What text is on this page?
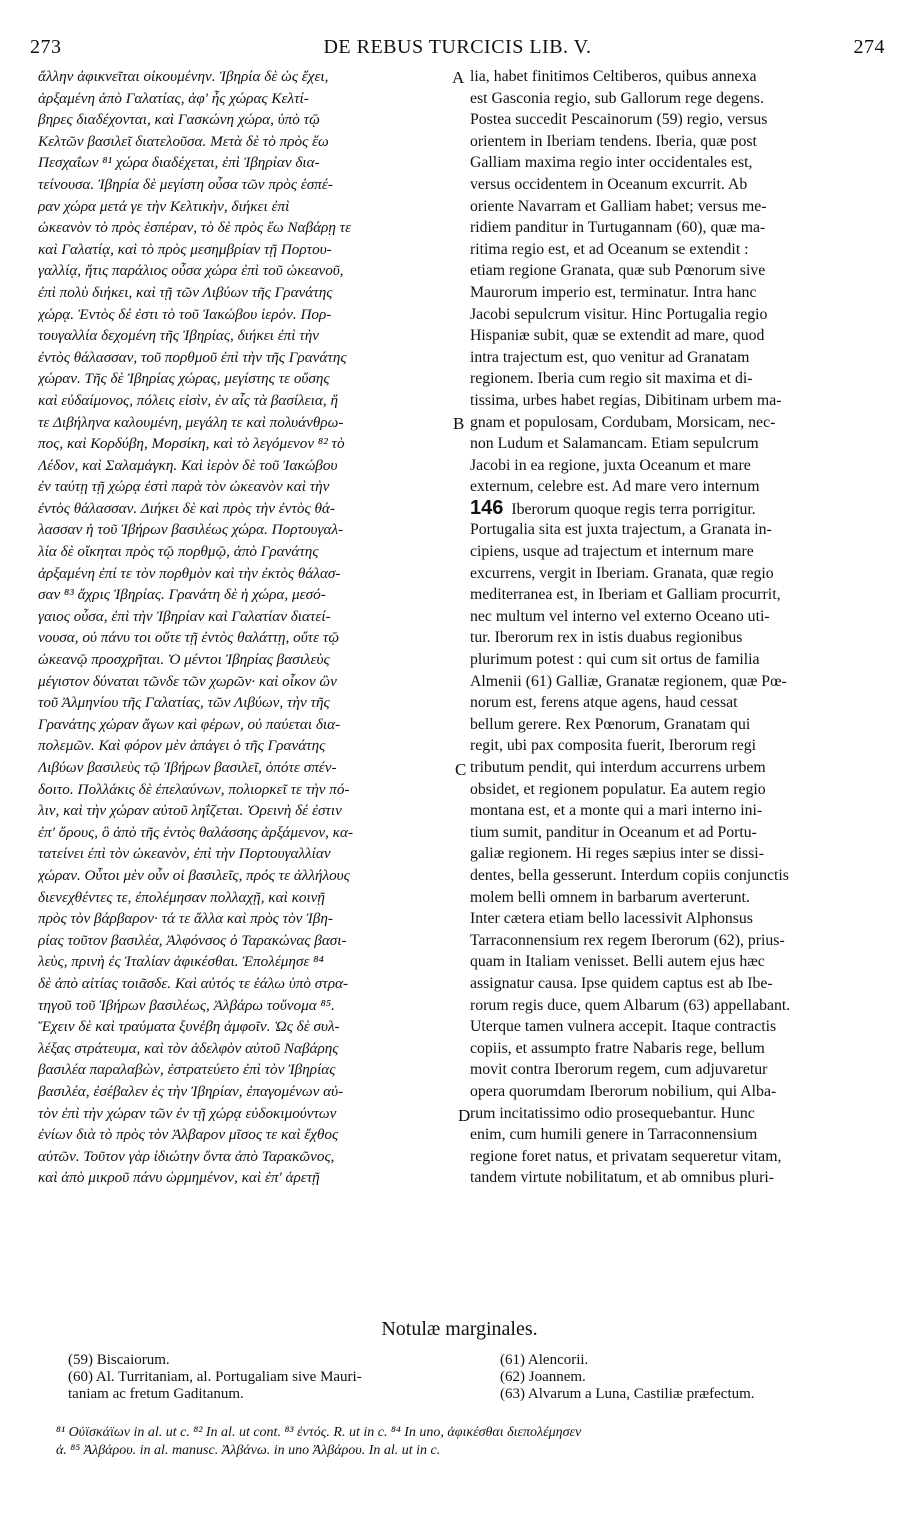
273	DE REBUS TURCICIS LIB. V.	274
ἄλλην ἀφικνεῖται οἰκουμένην. Ἰβηρία δὲ ὡς ἔχει,
ἀρξαμένη ἀπὸ Γαλατίας, ἀφ' ἧς χώρας Κελτί-
βηρες διαδέχονται, καὶ Γασκώνη χώρα, ὑπὸ τῷ
Κελτῶν βασιλεῖ διατελοῦσα. Μετὰ δὲ τὸ πρὸς ἕω
Πεσχαΐων ⁸¹ χώρα διαδέχεται, ἐπὶ Ἰβηρίαν δια-
τείνουσα. Ἰβηρία δὲ μεγίστη οὖσα τῶν πρὸς ἑσπέ-
ραν χώρα μετά γε τὴν Κελτικὴν, διήκει ἐπὶ
ὠκεανὸν τὸ πρὸς ἑσπέραν, τὸ δὲ πρὸς ἕω Ναβάρῃ τε
καὶ Γαλατίᾳ, καὶ τὸ πρὸς μεσημβρίαν τῇ Πορτου-
γαλλίᾳ, ἥτις παράλιος οὖσα χώρα ἐπὶ τοῦ ὠκεανοῦ,
ἐπὶ πολὺ διήκει, καὶ τῇ τῶν Λιβύων τῆς Γρανάτης
χώρᾳ. Ἐντὸς δέ ἐστι τὸ τοῦ Ἰακώβου ἱερόν. Πορ-
τουγαλλία δεχομένη τῆς Ἰβηρίας, διήκει ἐπὶ τὴν
ἐντὸς θάλασσαν, τοῦ πορθμοῦ ἐπὶ τὴν τῆς Γρανάτης
χώραν. Τῆς δὲ Ἰβηρίας χώρας, μεγίστης τε οὔσης
καὶ εὐδαίμονος, πόλεις εἰσὶν, ἐν αἷς τὰ βασίλεια, ἥ
τε Διβήληνα καλουμένη, μεγάλη τε καὶ πολυάνθρω-
πος, καὶ Κορδύβη, Μορσίκη, καὶ τὸ λεγόμενον ⁸² τὸ
Λέδον, καὶ Σαλαμάγκη. Καὶ ἱερὸν δὲ τοῦ Ἰακώβου
ἐν ταύτῃ τῇ χώρᾳ ἐστὶ παρὰ τὸν ὠκεανὸν καὶ τὴν
ἐντὸς θάλασσαν. Διήκει δὲ καὶ πρὸς τὴν ἐντὸς θά-
λασσαν ἡ τοῦ Ἰβήρων βασιλέως χώρα. Πορτουγαλ-
λία δὲ οἴκηται πρὸς τῷ πορθμῷ, ἀπὸ Γρανάτης
ἀρξαμένη ἐπί τε τὸν πορθμὸν καὶ τὴν ἐκτὸς θάλασ-
σαν ⁸³ ἄχρις Ἰβηρίας. Γρανάτη δὲ ἡ χώρα, μεσό-
γαιος οὖσα, ἐπὶ τὴν Ἰβηρίαν καὶ Γαλατίαν διατεί-
νουσα, οὐ πάνυ τοι οὔτε τῇ ἐντὸς θαλάττῃ, οὔτε τῷ
ὠκεανῷ προσχρῆται. Ὁ μέντοι Ἰβηρίας βασιλεὺς
μέγιστον δύναται τῶνδε τῶν χωρῶν· καὶ οἶκον ὢν
τοῦ Ἀλμηνίου τῆς Γαλατίας, τῶν Λιβύων, τὴν τῆς
Γρανάτης χώραν ἄγων καὶ φέρων, οὐ παύεται δια-
πολεμῶν. Καὶ φόρον μὲν ἀπάγει ὁ τῆς Γρανάτης
Λιβύων βασιλεὺς τῷ Ἰβήρων βασιλεῖ, ὁπότε σπέν-
δοιτο. Πολλάκις δὲ ἐπελαύνων, πολιορκεῖ τε τὴν πό-
λιν, καὶ τὴν χώραν αὐτοῦ ληΐζεται. Ὀρεινὴ δέ ἐστιν
ἐπ' ὄρους, ὃ ἀπὸ τῆς ἐντὸς θαλάσσης ἀρξάμενον, κα-
τατείνει ἐπὶ τὸν ὠκεανὸν, ἐπὶ τὴν Πορτουγαλλίαν
χώραν. Οὗτοι μὲν οὖν οἱ βασιλεῖς, πρός τε ἀλλήλους
διενεχθέντες τε, ἐπολέμησαν πολλαχῇ, καὶ κοινῇ
πρὸς τὸν βάρβαρον· τά τε ἄλλα καὶ πρὸς τὸν Ἰβη-
ρίας τοῦτον βασιλέα, Ἀλφόνσος ὁ Ταρακώνας βασι-
λεὺς, πρινὴ ἐς Ἰταλίαν ἀφικέσθαι. Ἐπολέμησε ⁸⁴
δὲ ἀπὸ αἰτίας τοιᾶσδε. Καὶ αὐτός τε ἑάλω ὑπὸ στρα-
τηγοῦ τοῦ Ἰβήρων βασιλέως, Ἀλβάρω τοὔνομα ⁸⁵.
Ἔχειν δὲ καὶ τραύματα ξυνέβη ἀμφοῖν. Ὡς δὲ συλ-
λέξας στράτευμα, καὶ τὸν ἀδελφὸν αὐτοῦ Ναβάρης
βασιλέα παραλαβὼν, ἐστρατεύετο ἐπὶ τὸν Ἰβηρίας
βασιλέα, ἐσέβαλεν ἐς τὴν Ἰβηρίαν, ἐπαγομένων αὐ-
τὸν ἐπὶ τὴν χώραν τῶν ἐν τῇ χώρᾳ εὐδοκιμούντων
ἐνίων διὰ τὸ πρὸς τὸν Ἀλβαρον μῖσος τε καὶ ἔχθος
αὐτῶν. Τοῦτον γὰρ ἰδιώτην ὄντα ἀπὸ Ταρακῶνος,
καὶ ἀπὸ μικροῦ πάνυ ὡρμημένον, καὶ ἐπ' ἀρετῇ
lia, habet finitimos Celtiberos, quibus annexa
est Gasconia regio, sub Gallorum rege degens.
Postea succedit Pescainorum (59) regio, versus
orientem in Iberiam tendens. Iberia, quæ post
Galliam maxima regio inter occidentales est,
versus occidentem in Oceanum excurrit. Ab
oriente Navarram et Galliam habet; versus me-
ridiem panditur in Turtugannam (60), quæ ma-
ritima regio est, et ad Oceanum se extendit :
etiam regione Granata, quæ sub Pœnorum sive
Maurorum imperio est, terminatur. Intra hanc
Jacobi sepulcrum visitur. Hinc Portugalia regio
Hispaniæ subit, quæ se extendit ad mare, quod
intra trajectum est, quo venitur ad Granatam
regionem. Iberia cum regio sit maxima et di-
tissima, urbes habet regias, Dibitinam urbem ma-
gnam et populosam, Cordubam, Morsicam, nec-
non Ludum et Salamancam. Etiam sepulcrum
Jacobi in ea regione, juxta Oceanum et mare
externum, celebre est. Ad mare vero internum
146 Iberorum quoque regis terra porrigitur.
Portugalia sita est juxta trajectum, a Granata in-
cipiens, usque ad trajectum et internum mare
excurrens, vergit in Iberiam. Granata, quæ regio
mediterranea est, in Iberiam et Galliam procurrit,
nec multum vel interno vel externo Oceano uti-
tur. Iberorum rex in istis duabus regionibus
plurimum potest : qui cum sit ortus de familia
Almenii (61) Galliæ, Granatæ regionem, quæ Pœ-
norum est, ferens atque agens, haud cessat
bellum gerere. Rex Pœnorum, Granatam qui
regit, ubi pax composita fuerit, Iberorum regi
tributum pendit, qui interdum accurrens urbem
obsidet, et regionem populatur. Ea autem regio
montana est, et a monte qui a mari interno ini-
tium sumit, panditur in Oceanum et ad Portu-
galiæ regionem. Hi reges sæpius inter se dissi-
dentes, bella gesserunt. Interdum copiis conjunctis
molem belli omnem in barbarum averterunt.
Inter cætera etiam bello lacessivit Alphonsus
Tarraconnensium rex regem Iberorum (62), prius-
quam in Italiam venisset. Belli autem ejus hæc
assignatur causa. Ipse quidem captus est ab Ibe-
rorum regis duce, quem Albarum (63) appellabant.
Uterque tamen vulnera accepit. Itaque contractis
copiis, et assumpto fratre Nabaris rege, bellum
movit contra Iberorum regem, cum adjuvaretur
opera quorumdam Iberorum nobilium, qui Alba-
rum incitatissimo odio prosequebantur. Hunc
enim, cum humili genere in Tarraconnensium
regione foret natus, et privatam sequeretur vitam,
tandem virtute nobilitatum, et ab omnibus pluri-
A
B
C
D
Notulæ marginales.
(59) Biscaiorum.
(60) Al. Turritaniam, al. Portugaliam sive Mauri-
taniam ac fretum Gaditanum.
(61) Alencorii.
(62) Joannem.
(63) Alvarum a Luna, Castiliæ præfectum.
⁸¹ Οὐϊσκάϊων in al. ut c. ⁸² In al. ut cont. ⁸³ ἐντός. R. ut in c. ⁸⁴ In uno, ἀφικέσθαι διεπολέμησεν
ἀ. ⁸⁵ Ἀλβάρου. in al. manusc. Ἀλβάνω. in uno Ἀλβάρου. In al. ut in c.
